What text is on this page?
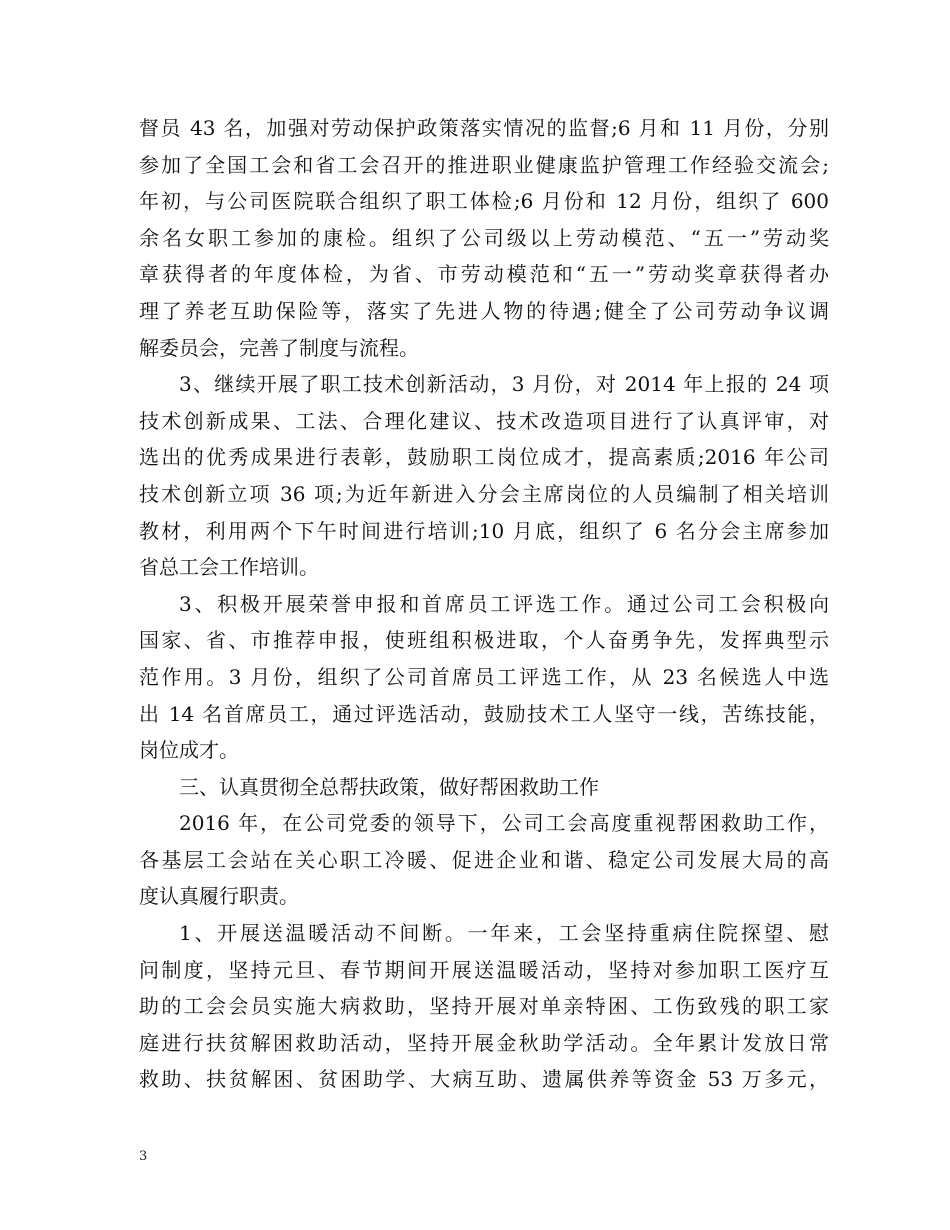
督员 43 名，加强对劳动保护政策落实情况的监督;6 月和 11 月份，分别
参加了全国工会和省工会召开的推进职业健康监护管理工作经验交流会;
年初，与公司医院联合组织了职工体检;6 月份和 12 月份，组织了 600
余名女职工参加的康检。组织了公司级以上劳动模范、“五一”劳动奖
章获得者的年度体检，为省、市劳动模范和“五一”劳动奖章获得者办
理了养老互助保险等，落实了先进人物的待遇;健全了公司劳动争议调
解委员会，完善了制度与流程。
3、继续开展了职工技术创新活动，3 月份，对 2014 年上报的 24 项
技术创新成果、工法、合理化建议、技术改造项目进行了认真评审，对
选出的优秀成果进行表彰，鼓励职工岗位成才，提高素质;2016 年公司
技术创新立项 36 项;为近年新进入分会主席岗位的人员编制了相关培训
教材，利用两个下午时间进行培训;10 月底，组织了 6 名分会主席参加
省总工会工作培训。
3、积极开展荣誉申报和首席员工评选工作。通过公司工会积极向
国家、省、市推荐申报，使班组积极进取，个人奋勇争先，发挥典型示
范作用。3 月份，组织了公司首席员工评选工作，从 23 名候选人中选
出 14 名首席员工，通过评选活动，鼓励技术工人坚守一线，苦练技能，
岗位成才。
三、认真贯彻全总帮扶政策，做好帮困救助工作
2016 年，在公司党委的领导下，公司工会高度重视帮困救助工作，
各基层工会站在关心职工冷暖、促进企业和谐、稳定公司发展大局的高
度认真履行职责。
1、开展送温暖活动不间断。一年来，工会坚持重病住院探望、慰
问制度，坚持元旦、春节期间开展送温暖活动，坚持对参加职工医疗互
助的工会会员实施大病救助，坚持开展对单亲特困、工伤致残的职工家
庭进行扶贫解困救助活动，坚持开展金秋助学活动。全年累计发放日常
救助、扶贫解困、贫困助学、大病互助、遗属供养等资金 53 万多元，
3
